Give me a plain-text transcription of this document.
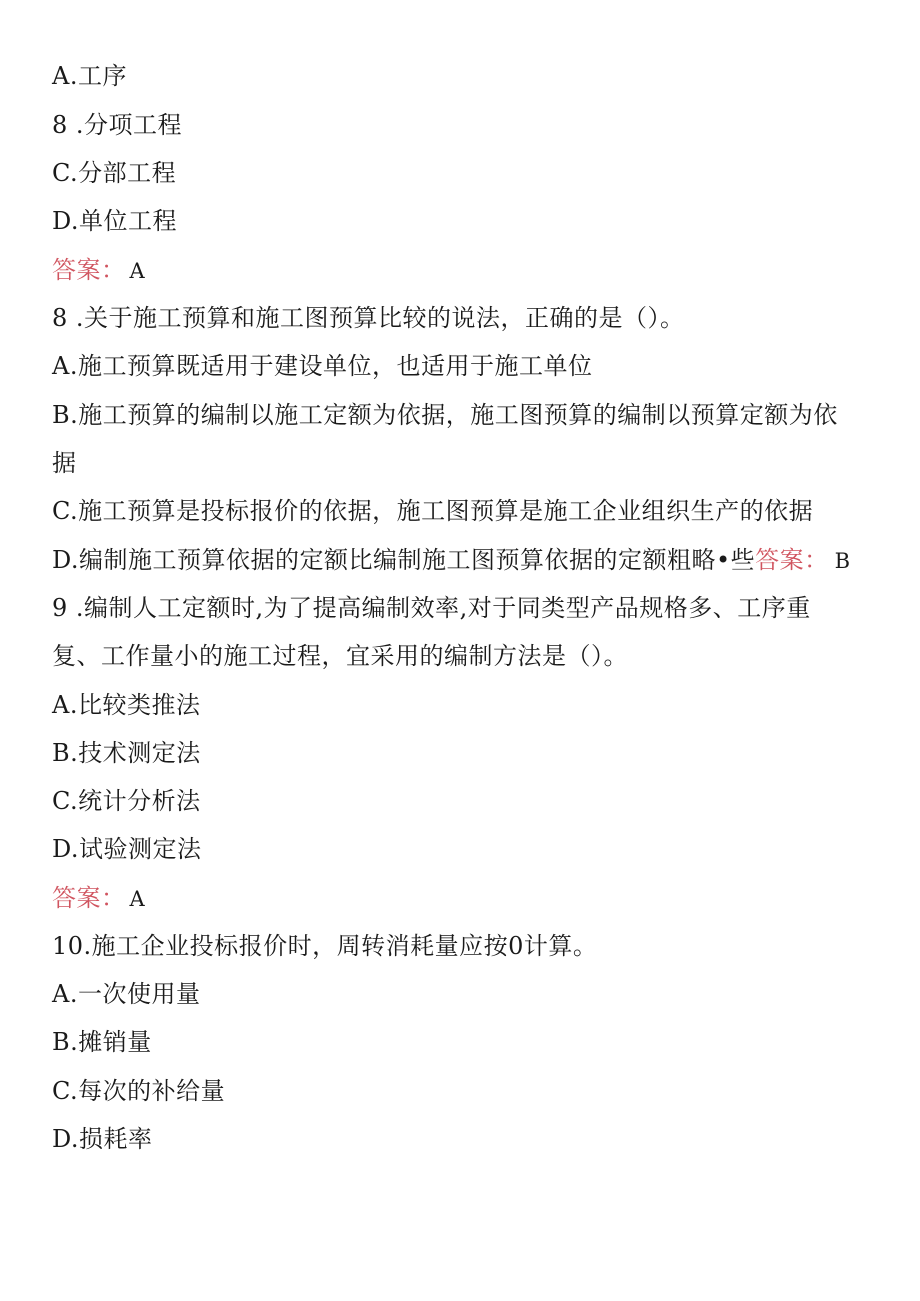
A.工序
8 .分项工程
C.分部工程
D.单位工程
答案： A
8 .关于施工预算和施工图预算比较的说法，正确的是（）。
A.施工预算既适用于建设单位，也适用于施工单位
B.施工预算的编制以施工定额为依据，施工图预算的编制以预算定额为依
据
C.施工预算是投标报价的依据，施工图预算是施工企业组织生产的依据
D.编制施工预算依据的定额比编制施工图预算依据的定额粗略•些答案： B
9 .编制人工定额时,为了提高编制效率,对于同类型产品规格多、工序重
复、工作量小的施工过程，宜采用的编制方法是（）。
A.比较类推法
B.技术测定法
C.统计分析法
D.试验测定法
答案： A
10.施工企业投标报价时，周转消耗量应按0计算。
A.一次使用量
B.摊销量
C.每次的补给量
D.损耗率
